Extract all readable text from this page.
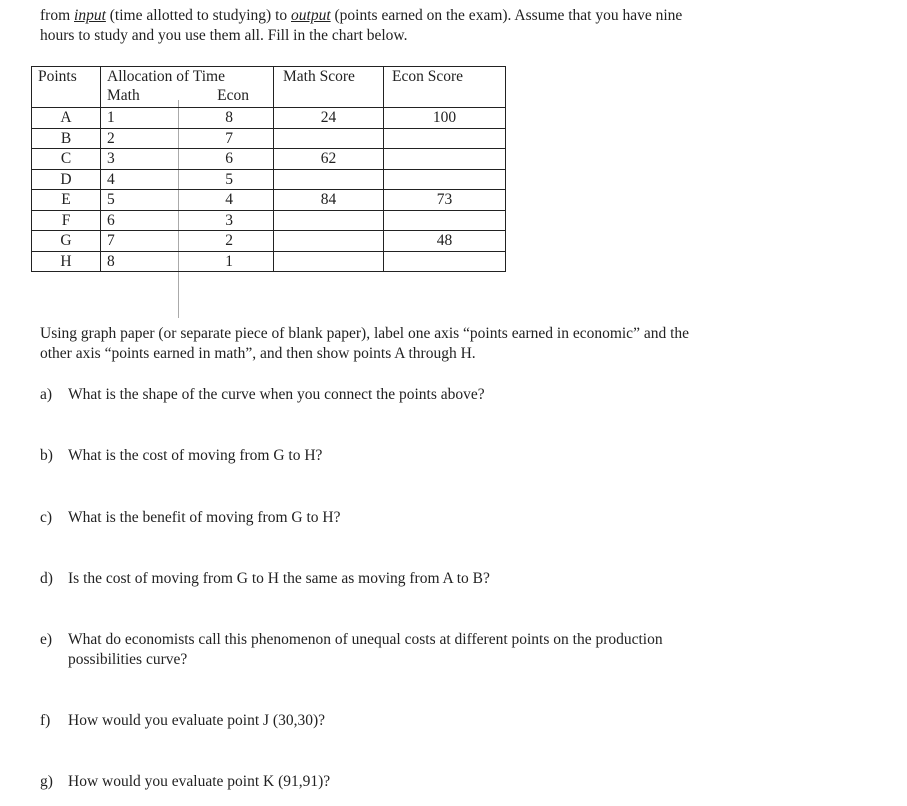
from input (time allotted to studying) to output (points earned on the exam). Assume that you have nine
hours to study and you use them all. Fill in the chart below.
Points	Allocation of Time
Math Econ	Math Score	Econ Score
A	1 8	24	100
B	2 7		

C	3 6	62	
D	4 5		

E	5 4	84	73
F	6 3		

G	7 2		48
H	8 1		

Using graph paper (or separate piece of blank paper), label one axis “points earned in economic” and the
other axis “points earned in math”, and then show points A through H.
a) What is the shape of the curve when you connect the points above?
b) What is the cost of moving from G to H?
c) What is the benefit of moving from G to H?
d) Is the cost of moving from G to H the same as moving from A to B?
e) What do economists call this phenomenon of unequal costs at different points on the production
possibilities curve?
f) How would you evaluate point J (30,30)?
g) How would you evaluate point K (91,91)?
